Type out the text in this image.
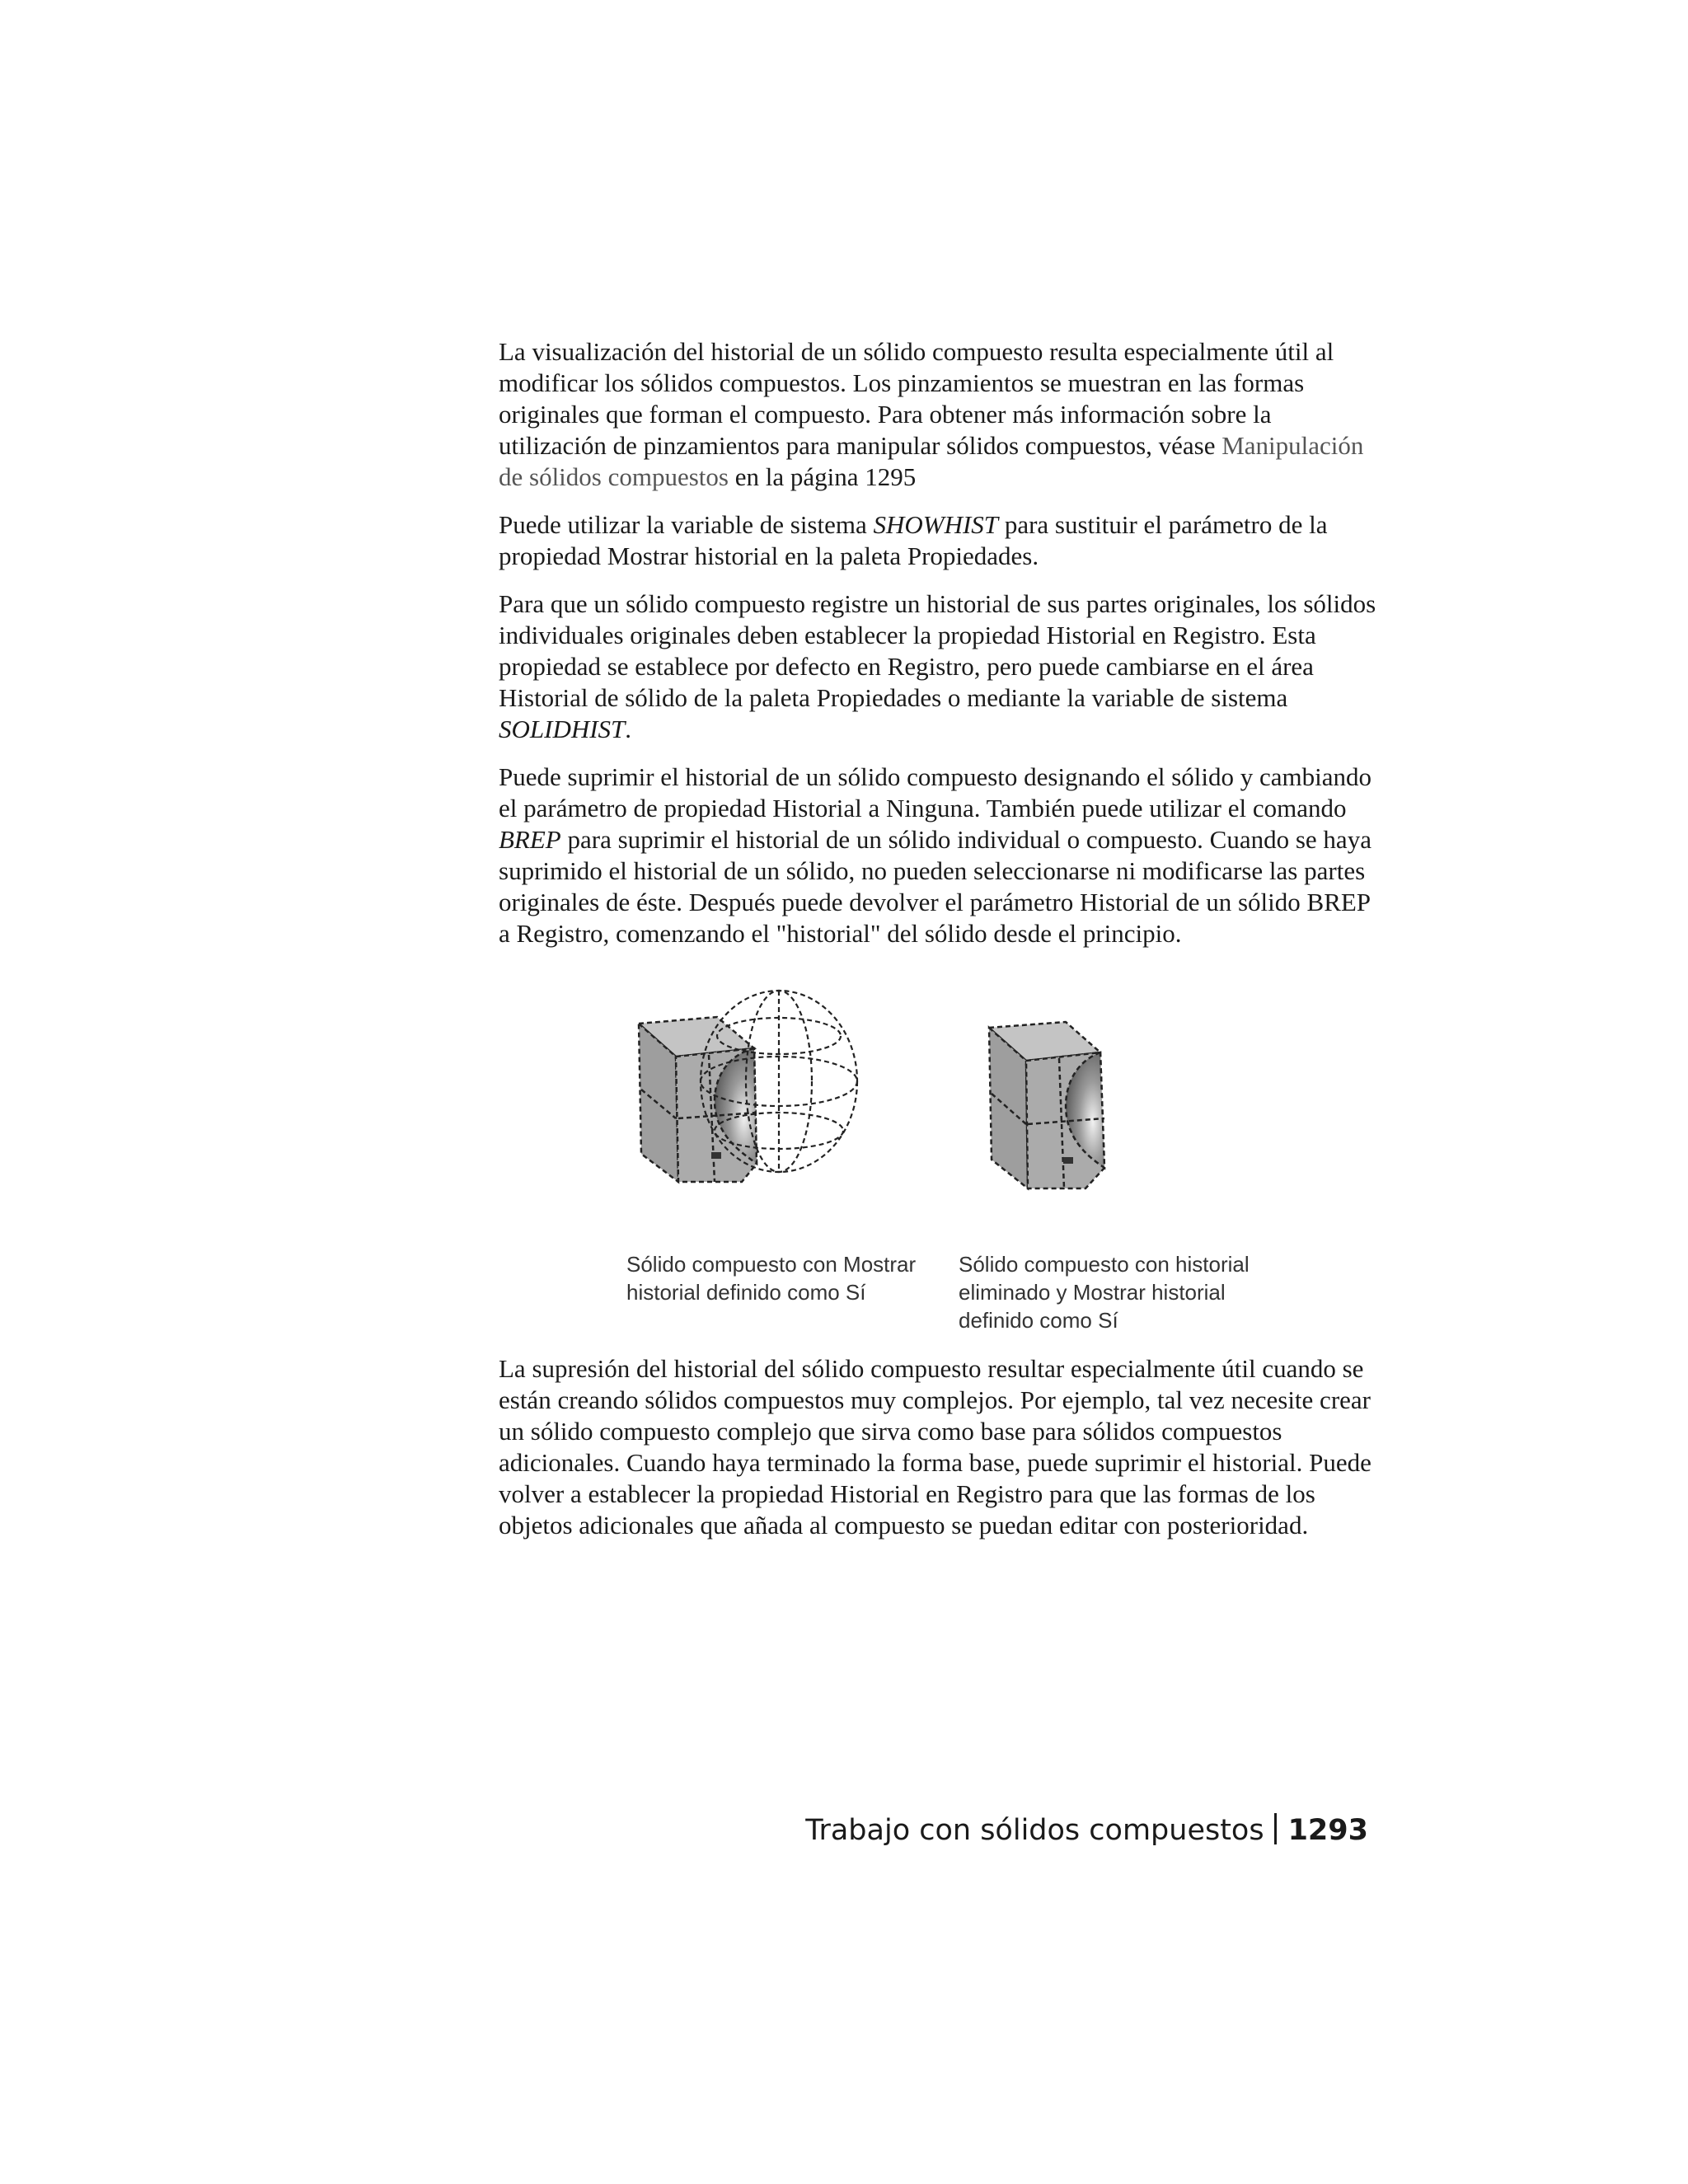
La visualización del historial de un sólido compuesto resulta especialmente útil al modificar los sólidos compuestos. Los pinzamientos se muestran en las formas originales que forman el compuesto. Para obtener más información sobre la utilización de pinzamientos para manipular sólidos compuestos, véase Manipulación de sólidos compuestos en la página 1295

Puede utilizar la variable de sistema SHOWHIST para sustituir el parámetro de la propiedad Mostrar historial en la paleta Propiedades.

Para que un sólido compuesto registre un historial de sus partes originales, los sólidos individuales originales deben establecer la propiedad Historial en Registro. Esta propiedad se establece por defecto en Registro, pero puede cambiarse en el área Historial de sólido de la paleta Propiedades o mediante la variable de sistema SOLIDHIST.

Puede suprimir el historial de un sólido compuesto designando el sólido y cambiando el parámetro de propiedad Historial a Ninguna. También puede utilizar el comando BREP para suprimir el historial de un sólido individual o compuesto. Cuando se haya suprimido el historial de un sólido, no pueden seleccionarse ni modificarse las partes originales de éste. Después puede devolver el parámetro Historial de un sólido BREP a Registro, comenzando el "historial" del sólido desde el principio.

Sólido compuesto con Mostrar historial definido como Sí
Sólido compuesto con historial eliminado y Mostrar historial definido como Sí

La supresión del historial del sólido compuesto resultar especialmente útil cuando se están creando sólidos compuestos muy complejos. Por ejemplo, tal vez necesite crear un sólido compuesto complejo que sirva como base para sólidos compuestos adicionales. Cuando haya terminado la forma base, puede suprimir el historial. Puede volver a establecer la propiedad Historial en Registro para que las formas de los objetos adicionales que añada al compuesto se puedan editar con posterioridad.

Trabajo con sólidos compuestos 1293
